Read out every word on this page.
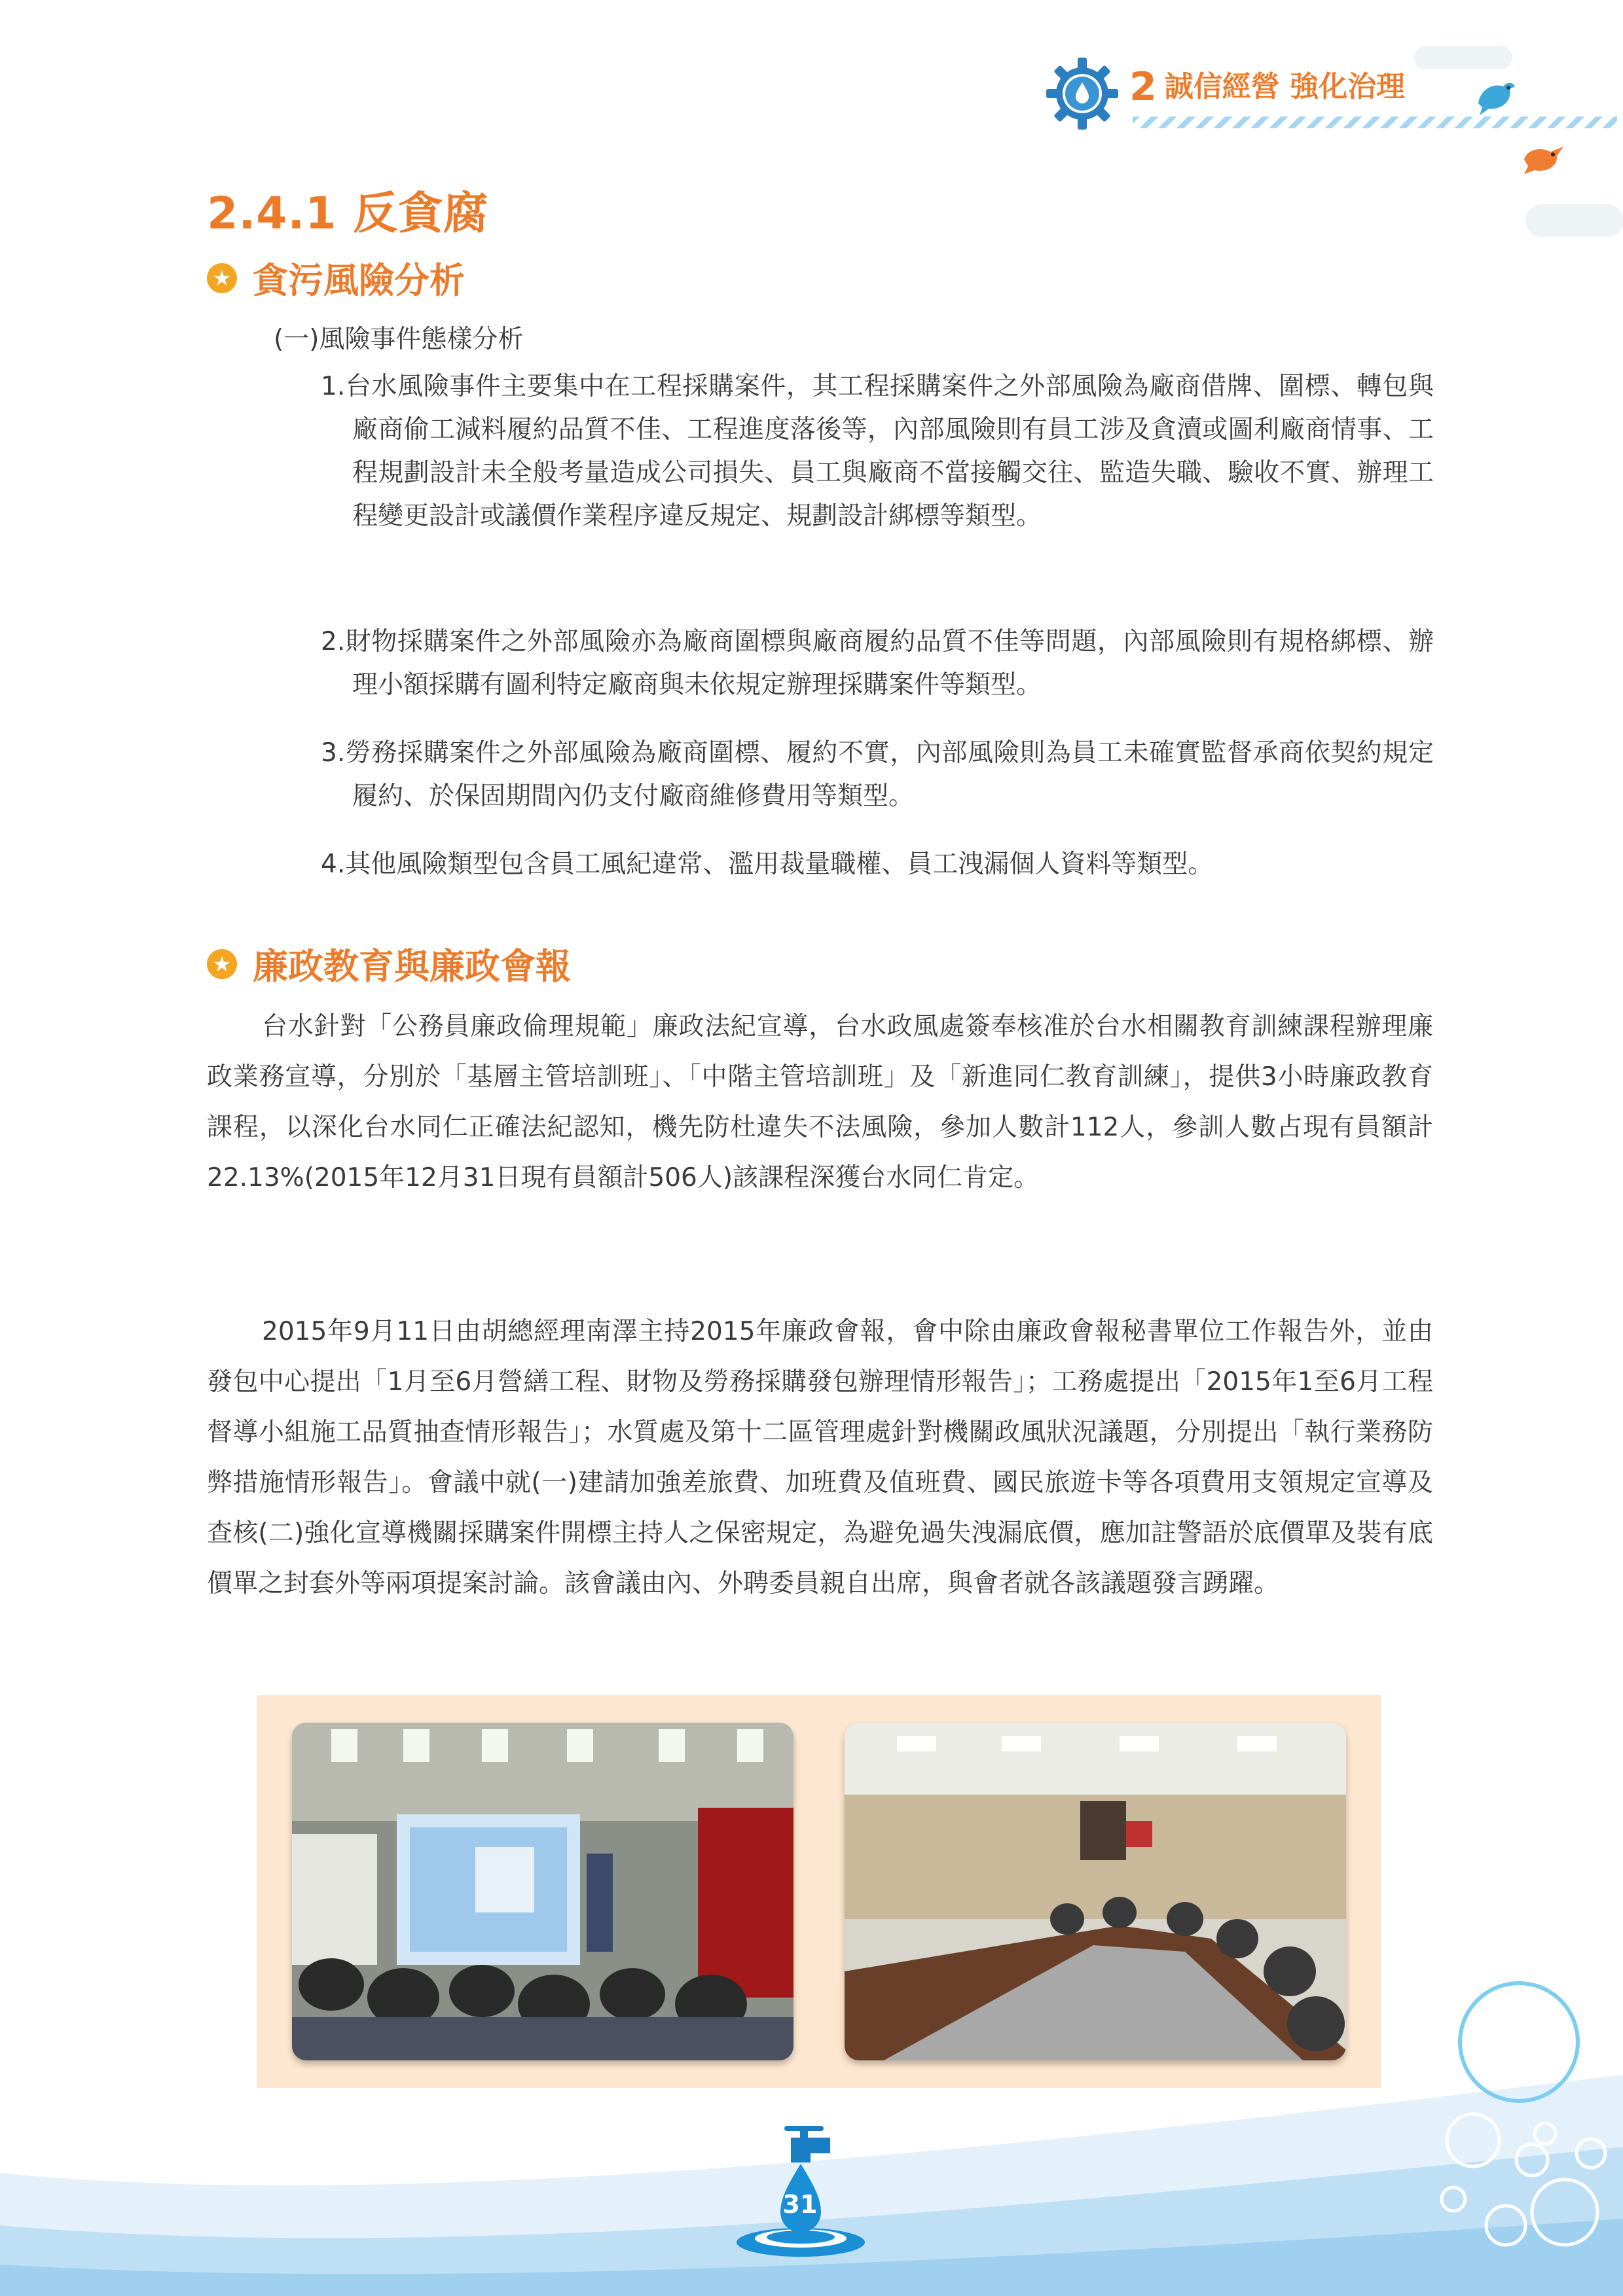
2 誠信經營 強化治理
2.4.1 反貪腐
★ 貪污風險分析
(一)風險事件態樣分析
1.台水風險事件主要集中在工程採購案件，其工程採購案件之外部風險為廠商借牌、圍標、轉包與廠商偷工減料履約品質不佳、工程進度落後等，內部風險則有員工涉及貪瀆或圖利廠商情事、工程規劃設計未全般考量造成公司損失、員工與廠商不當接觸交往、監造失職、驗收不實、辦理工程變更設計或議價作業程序違反規定、規劃設計綁標等類型。
2.財物採購案件之外部風險亦為廠商圍標與廠商履約品質不佳等問題，內部風險則有規格綁標、辦理小額採購有圖利特定廠商與未依規定辦理採購案件等類型。
3.勞務採購案件之外部風險為廠商圍標、履約不實，內部風險則為員工未確實監督承商依契約規定履約、於保固期間內仍支付廠商維修費用等類型。
4.其他風險類型包含員工風紀違常、濫用裁量職權、員工洩漏個人資料等類型。
★ 廉政教育與廉政會報
台水針對「公務員廉政倫理規範」廉政法紀宣導，台水政風處簽奉核准於台水相關教育訓練課程辦理廉政業務宣導，分別於「基層主管培訓班」、「中階主管培訓班」及「新進同仁教育訓練」，提供3小時廉政教育課程，以深化台水同仁正確法紀認知，機先防杜違失不法風險，參加人數計112人，參訓人數占現有員額計22.13%(2015年12月31日現有員額計506人)該課程深獲台水同仁肯定。
2015年9月11日由胡總經理南澤主持2015年廉政會報，會中除由廉政會報秘書單位工作報告外，並由發包中心提出「1月至6月營繕工程、財物及勞務採購發包辦理情形報告」；工務處提出「2015年1至6月工程督導小組施工品質抽查情形報告」；水質處及第十二區管理處針對機關政風狀況議題，分別提出「執行業務防弊措施情形報告」。會議中就(一)建請加強差旅費、加班費及值班費、國民旅遊卡等各項費用支領規定宣導及查核(二)強化宣導機關採購案件開標主持人之保密規定，為避免過失洩漏底價，應加註警語於底價單及裝有底價單之封套外等兩項提案討論。該會議由內、外聘委員親自出席，與會者就各該議題發言踴躍。
31
